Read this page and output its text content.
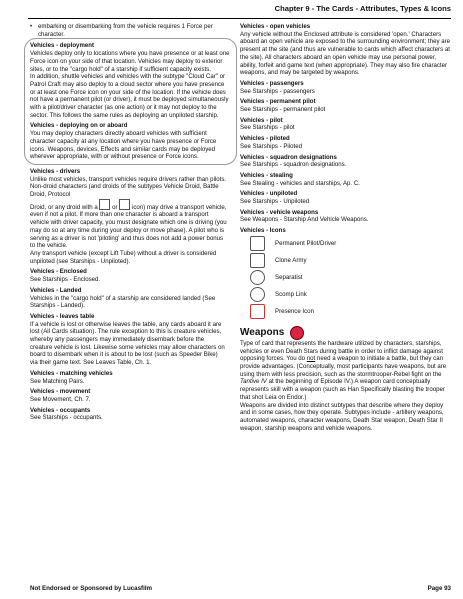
Chapter 9 - The Cards - Attributes, Types & Icons
• embarking or disembarking from the vehicle requires 1 Force per character.
Vehicles - deployment
Vehicles deploy only to locations where you have presence or at least one Force icon on your side of that location. Vehicles may deploy to exterior sites, or to the "cargo hold" of a starship if sufficient capacity exists.
In addition, shuttle vehicles and vehicles with the subtype "Cloud Car" or Patrol Craft may also deploy to a cloud sector where you have presence or at least one Force icon on your side of the location. If the vehicle does not have a permanent pilot (or driver), it must be deployed simultaneously with a pilot/driver character (as one action) or it may not deploy to the sector. This follows the same rules as deploying an unpiloted starship.
Vehicles - deploying on or aboard
You may deploy characters directly aboard vehicles with sufficient character capacity at any location where you have presence or Force icons. Weapons, devices, Effects and similar cards may be deployed wherever appropriate, with or without presence or Force icons.
Vehicles - drivers
Unlike most vehicles, transport vehicles require drivers rather than pilots. Non-droid characters (and droids of the subtypes Vehicle Droid, Battle Droid, Protocol
Droid, or any droid with a or icon) may drive a transport vehicle, even if not a pilot. If more than one character is aboard a transport vehicle with driver capacity, you must designate which one is driving (you may do so at any time during your deploy or move phase). A pilot who is serving as a driver is not 'piloting' and thus does not add a power bonus to the vehicle.
Any transport vehicle (except Lift Tube) without a driver is considered unpiloted (see Starships - Unpiloted).
Vehicles - Enclosed
See Starships - Enclosed.
Vehicles - Landed
Vehicles in the "cargo hold" of a starship are considered landed (See Starships - Landed).
Vehicles - leaves table
If a vehicle is lost or otherwise leaves the table, any cards aboard it are lost (All Cards situation). The rule exception to this is creature vehicles, whereby any passengers may immediately disembark before the creature vehicle is lost. Likewise some vehicles may allow characters on board to disembark when it is about to be lost (such as Speeder Bike) via their game text. See Leaves Table, Ch. 1.
Vehicles - matching vehicles
See Matching Pairs.
Vehicles - movement
See Movement, Ch. 7.
Vehicles - occupants
See Starships - occupants.
Vehicles - open vehicles
Any vehicle without the Enclosed attribute is considered 'open.' Characters aboard an open vehicle are exposed to the surrounding environment; they are present at the site (and thus are vulnerable to cards which affect characters at the site). All characters aboard an open vehicle may use personal power, ability, forfeit and game text (when appropriate). They may also fire character weapons, and may be targeted by weapons.
Vehicles - passengers
See Starships - passengers
Vehicles - permanent pilot
See Starships - permanent pilot
Vehicles - pilot
See Starships - pilot
Vehicles - piloted
See Starships - Piloted
Vehicles - squadron designations
See Starships - squadron designations.
Vehicles - stealing
See Stealing - vehicles and starships, Ap. C.
Vehicles - unpiloted
See Starships - Unpiloted
Vehicles - vehicle weapons
See Weapons - Starship And Vehicle Weapons.
Vehicles - Icons
Permanent Pilot/Driver
Clone Army
Separatist
Scomp Link
Presence Icon
Weapons
Type of card that represents the hardware utilized by characters, starships, vehicles or even Death Stars during battle in order to inflict damage against opposing forces. You do not need a weapon to initiate a battle, but they can provide advantages. (Conceptually, most participants have weapons, but are using them with less precision, such as the stormtrooper-Rebel fight on the Tantive IV at the beginning of Episode IV.) A weapon card conceptually represents skill with a weapon (such as Han Specifically blasting the trooper that shot Leia on Endor.)
Weapons are divided into distinct subtypes that describe where they deploy and in some cases, how they operate. Subtypes include - artillery weapons, automated weapons, character weapons, Death Star weapon, Death Star II weapon, starship weapons and vehicle weapons.
Not Endorsed or Sponsored by Lucasfilm	Page 93
